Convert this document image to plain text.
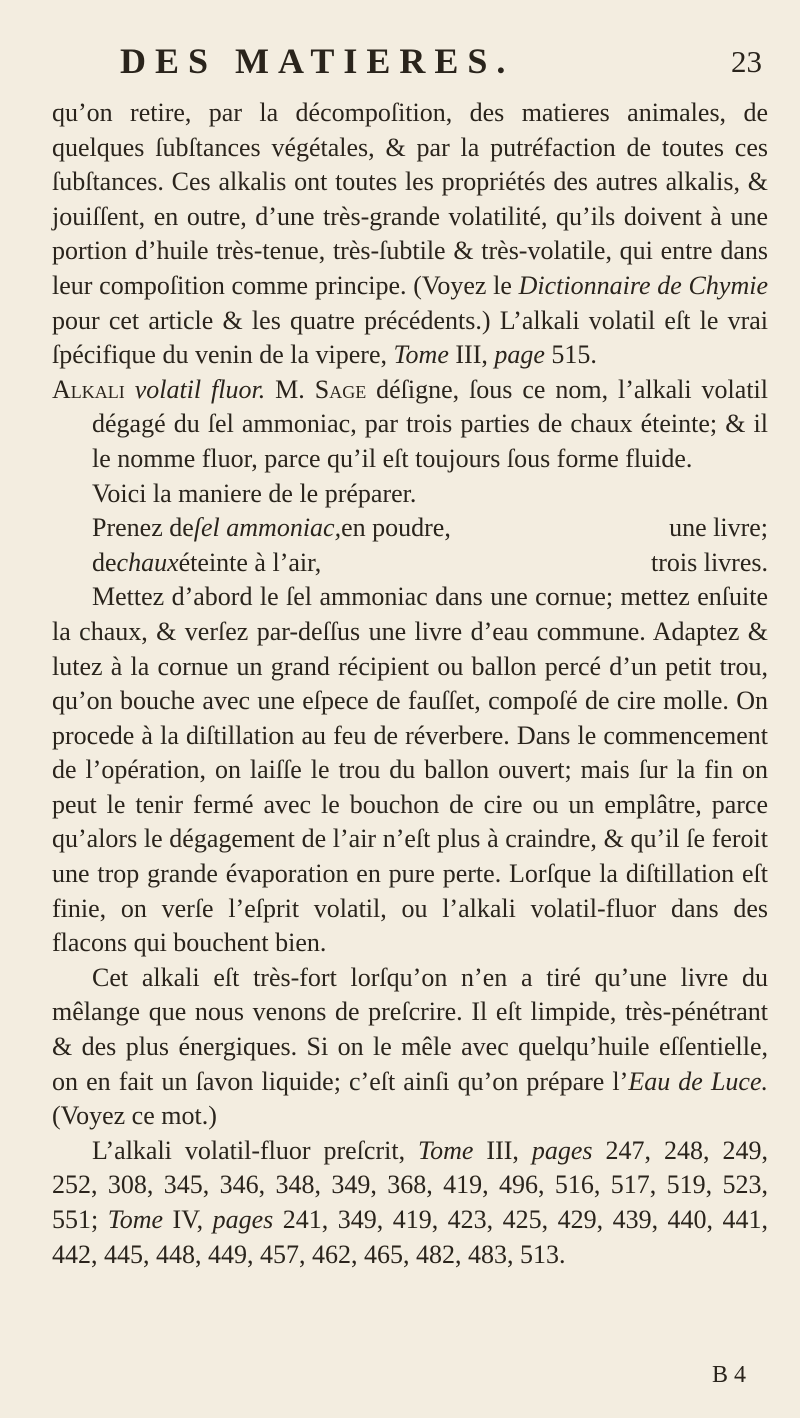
DES MATIERES.	23

qu’on retire, par la décompoſition, des matieres animales, de quelques ſubſtances végétales, & par la putréfaction de toutes ces ſubſtances. Ces alkalis ont toutes les propriétés des autres alkalis, & jouiſſent, en outre, d’une très-grande volatilité, qu’ils doivent à une portion d’huile très-tenue, très-ſubtile & très-volatile, qui entre dans leur compoſition comme principe. (Voyez le Dictionnaire de Chymie pour cet article & les quatre précédents.) L’alkali volatil eſt le vrai ſpécifique du venin de la vipere, Tome III, page 515.

Alkali volatil fluor. M. Sage déſigne, ſous ce nom, l’alkali volatil dégagé du ſel ammoniac, par trois parties de chaux éteinte; & il le nomme fluor, parce qu’il eſt toujours ſous forme fluide.

Voici la maniere de le préparer.

Prenez deſel ammoniac,en poudre,	une livre;
dechauxéteinte à l’air,	trois livres.

Mettez d’abord le ſel ammoniac dans une cornue; mettez enſuite la chaux, & verſez par-deſſus une livre d’eau commune. Adaptez & lutez à la cornue un grand récipient ou ballon percé d’un petit trou, qu’on bouche avec une eſpece de fauſſet, compoſé de cire molle. On procede à la diſtillation au feu de réverbere. Dans le commencement de l’opération, on laiſſe le trou du ballon ouvert; mais ſur la fin on peut le tenir fermé avec le bouchon de cire ou un emplâtre, parce qu’alors le dégagement de l’air n’eſt plus à craindre, & qu’il ſe feroit une trop grande évaporation en pure perte. Lorſque la diſtillation eſt finie, on verſe l’eſprit volatil, ou l’alkali volatil-fluor dans des flacons qui bouchent bien.

Cet alkali eſt très-fort lorſqu’on n’en a tiré qu’une livre du mêlange que nous venons de preſcrire. Il eſt limpide, très-pénétrant & des plus énergiques. Si on le mêle avec quelqu’huile eſſentielle, on en fait un ſavon liquide; c’eſt ainſi qu’on prépare l’Eau de Luce. (Voyez ce mot.)

L’alkali volatil-fluor preſcrit, Tome III, pages 247, 248, 249, 252, 308, 345, 346, 348, 349, 368, 419, 496, 516, 517, 519, 523, 551; Tome IV, pages 241, 349, 419, 423, 425, 429, 439, 440, 441, 442, 445, 448, 449, 457, 462, 465, 482, 483, 513.

B 4
